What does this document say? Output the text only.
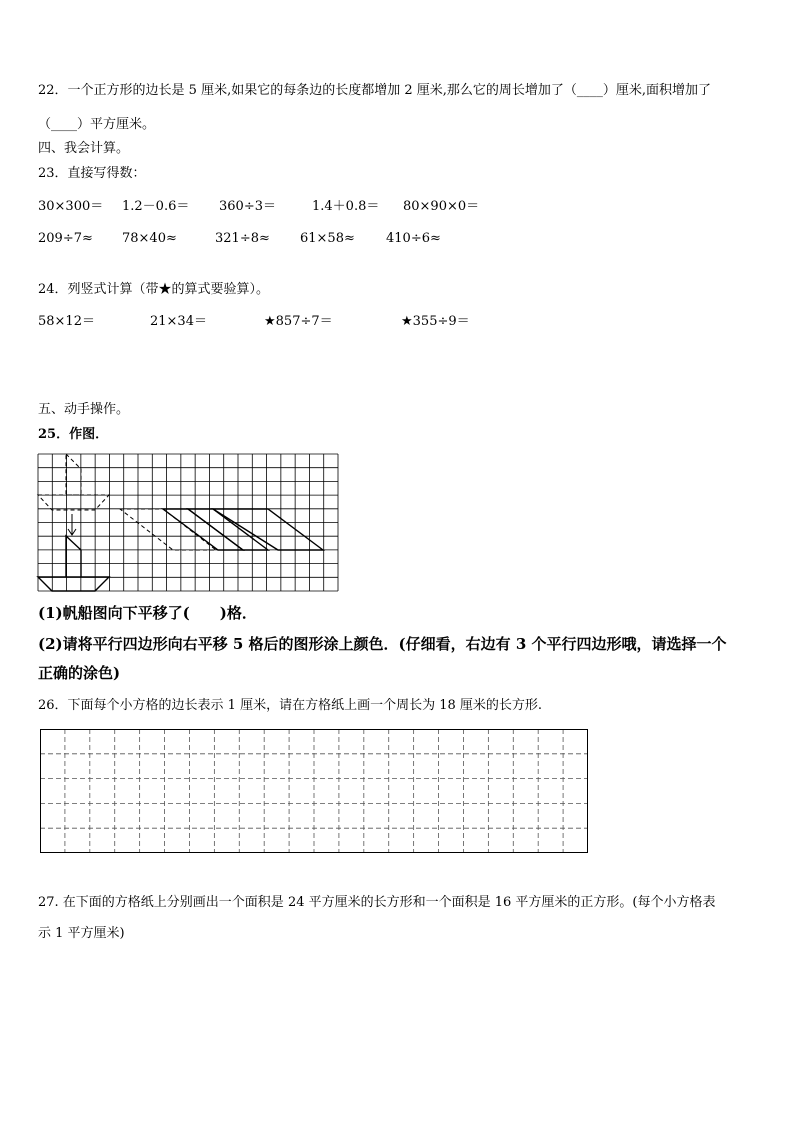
22．一个正方形的边长是 5 厘米,如果它的每条边的长度都增加 2 厘米,那么它的周长增加了（____）厘米,面积增加了
（____）平方厘米。
四、我会计算。
23．直接写得数：
30×300＝ 1.2－0.6＝ 360÷3＝	1.4＋0.8＝ 80×90×0＝
209÷7≈ 78×40≈	321÷8≈ 61×58≈ 410÷6≈
24．列竖式计算（带★的算式要验算）。
58×12＝	21×34＝	★857÷7＝	★355÷9＝
五、动手操作。
25．作图．
(1)帆船图向下平移了(　　)格．
(2)请将平行四边形向右平移 5 格后的图形涂上颜色．(仔细看，右边有 3 个平行四边形哦，请选择一个
正确的涂色)
26．下面每个小方格的边长表示 1 厘米，请在方格纸上画一个周长为 18 厘米的长方形.
27. 在下面的方格纸上分别画出一个面积是 24 平方厘米的长方形和一个面积是 16 平方厘米的正方形。(每个小方格表
示 1 平方厘米)
